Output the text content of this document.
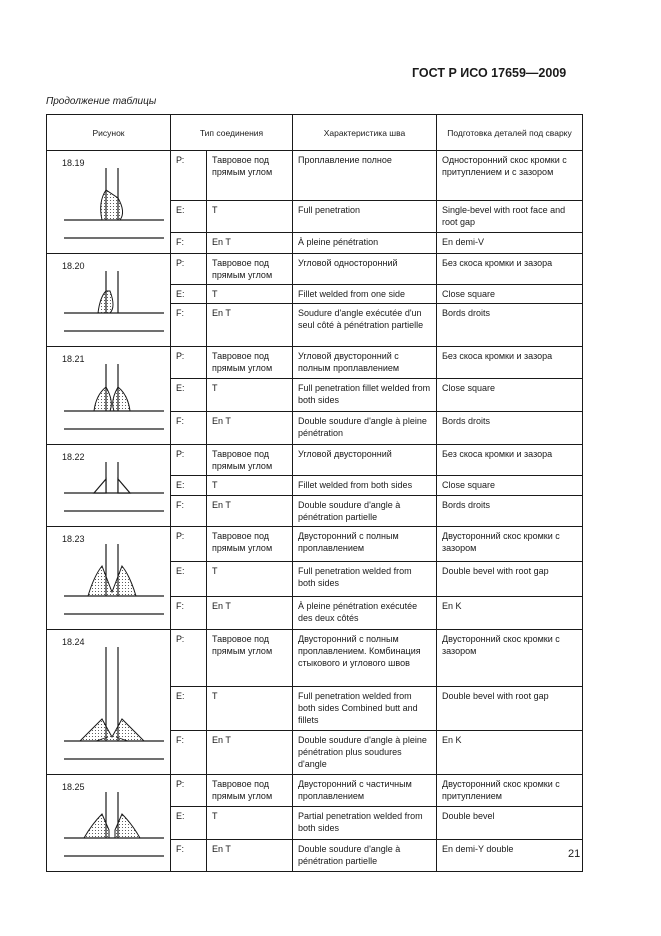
ГОСТ Р ИСО 17659—2009
Продолжение таблицы
Рисунок	Тип соединения		Характеристика шва	Подготовка деталей под сварку

18.19	Р:	Тавровое под прямым углом	Проплавление полное	Односторонний скос кромки с притуплением и с зазором
	Е:	Т	Full penetration	Single-bevel with root face and root gap
	F:	En T	À pleine pénétration	En demi-V

18.20	Р:	Тавровое под прямым углом	Угловой односторонний	Без скоса кромки и зазора
	Е:	Т	Fillet welded from one side	Close square
	F:	En T	Soudure d'angle exécutée d'un seul côté à pénétration partielle	Bords droits

18.21	Р:	Тавровое под прямым углом	Угловой двусторонний с полным проплавлением	Без скоса кромки и зазора
	Е:	Т	Full penetration fillet welded from both sides	Close square
	F:	En T	Double soudure d'angle à pleine pénétration	Bords droits

18.22	Р:	Тавровое под прямым углом	Угловой двусторонний	Без скоса кромки и зазора
	Е:	Т	Fillet welded from both sides	Close square
	F:	En T	Double soudure d'angle à pénétration partielle	Bords droits

18.23	Р:	Тавровое под прямым углом	Двусторонний с полным проплавлением	Двусторонний скос кромки с зазором
	Е:	Т	Full penetration welded from both sides	Double bevel with root gap
	F:	En T	À pleine pénétration exécutée des deux côtés	En K

18.24	Р:	Тавровое под прямым углом	Двусторонний с полным проплавлением. Комбинация стыкового и углового швов	Двусторонний скос кромки с зазором
	Е:	Т	Full penetration welded from both sides Combined butt and fillets	Double bevel with root gap
	F:	En T	Double soudure d'angle à pleine pénétration plus soudures d'angle	En K

18.25	Р:	Тавровое под прямым углом	Двусторонний с частичным проплавлением	Двусторонний скос кромки с притуплением
	Е:	Т	Partial penetration welded from both sides	Double bevel
	F:	En T	Double soudure d'angle à pénétration partielle	En demi-Y double	21
